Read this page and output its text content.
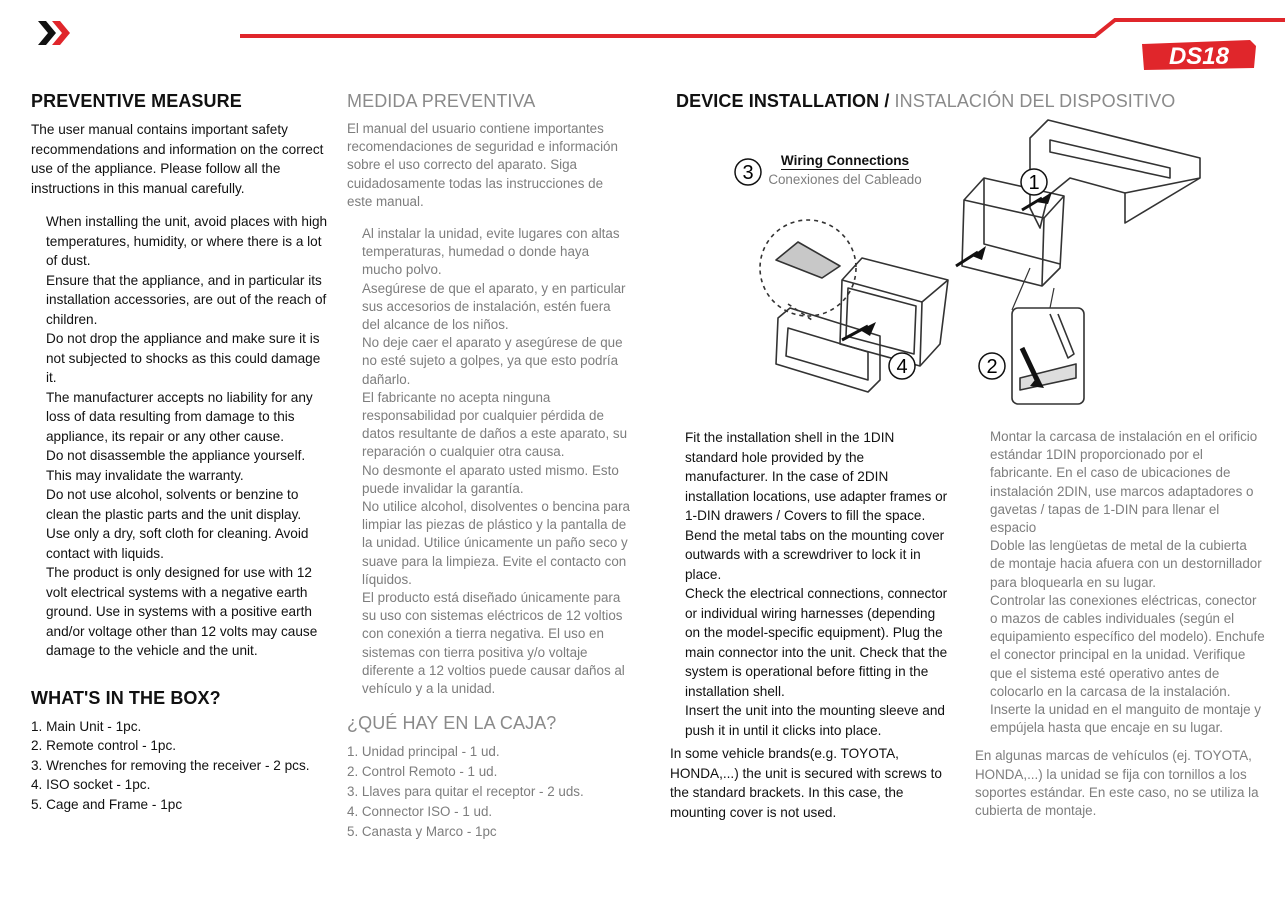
DS18
PREVENTIVE MEASURE

The user manual contains important safety recommendations and information on the correct use of the appliance. Please follow all the instructions in this manual carefully.

When installing the unit, avoid places with high temperatures, humidity, or where there is a lot of dust.
Ensure that the appliance, and in particular its installation accessories, are out of the reach of children.
Do not drop the appliance and make sure it is not subjected to shocks as this could damage it.
The manufacturer accepts no liability for any loss of data resulting from damage to this appliance, its repair or any other cause.
Do not disassemble the appliance yourself. This may invalidate the warranty.
Do not use alcohol, solvents or benzine to clean the plastic parts and the unit display.
Use only a dry, soft cloth for cleaning. Avoid contact with liquids.
The product is only designed for use with 12 volt electrical systems with a negative earth ground. Use in systems with a positive earth and/or voltage other than 12 volts may cause damage to the vehicle and the unit.
WHAT'S IN THE BOX?
1. Main Unit - 1pc.
2. Remote control - 1pc.
3. Wrenches for removing the receiver - 2 pcs.
4. ISO socket - 1pc.
5. Cage and Frame - 1pc
MEDIDA PREVENTIVA

El manual del usuario contiene importantes recomendaciones de seguridad e información sobre el uso correcto del aparato. Siga cuidadosamente todas las instrucciones de este manual.

Al instalar la unidad, evite lugares con altas temperaturas, humedad o donde haya mucho polvo.
Asegúrese de que el aparato, y en particular sus accesorios de instalación, estén fuera del alcance de los niños.
No deje caer el aparato y asegúrese de que no esté sujeto a golpes, ya que esto podría dañarlo.
El fabricante no acepta ninguna responsabilidad por cualquier pérdida de datos resultante de daños a este aparato, su reparación o cualquier otra causa.
No desmonte el aparato usted mismo. Esto puede invalidar la garantía.
No utilice alcohol, disolventes o bencina para limpiar las piezas de plástico y la pantalla de la unidad. Utilice únicamente un paño seco y suave para la limpieza. Evite el contacto con líquidos.
El producto está diseñado únicamente para su uso con sistemas eléctricos de 12 voltios con conexión a tierra negativa. El uso en sistemas con tierra positiva y/o voltaje diferente a 12 voltios puede causar daños al vehículo y a la unidad.
¿QUÉ HAY EN LA CAJA?
1. Unidad principal - 1 ud.
2. Control Remoto - 1 ud.
3. Llaves para quitar el receptor - 2 uds.
4. Connector ISO - 1 ud.
5. Canasta y Marco - 1pc
DEVICE INSTALLATION / INSTALACIÓN DEL DISPOSITIVO
Wiring Connections
Conexiones del Cableado	1
2
3
4
Fit the installation shell in the 1DIN standard hole provided by the manufacturer. In the case of 2DIN installation locations, use adapter frames or 1-DIN drawers / Covers to fill the space.
Bend the metal tabs on the mounting cover outwards with a screwdriver to lock it in place.
Check the electrical connections, connector or individual wiring harnesses (depending on the model-specific equipment). Plug the main connector into the unit. Check that the system is operational before fitting in the installation shell.
Insert the unit into the mounting sleeve and push it in until it clicks into place.

In some vehicle brands(e.g. TOYOTA, HONDA,...) the unit is secured with screws to the standard brackets. In this case, the mounting cover is not used.

Montar la carcasa de instalación en el orificio estándar 1DIN proporcionado por el fabricante. En el caso de ubicaciones de instalación 2DIN, use marcos adaptadores o gavetas / tapas de 1-DIN para llenar el espacio
Doble las lengüetas de metal de la cubierta de montaje hacia afuera con un destornillador para bloquearla en su lugar.
Controlar las conexiones eléctricas, conector o mazos de cables individuales (según el equipamiento específico del modelo). Enchufe el conector principal en la unidad. Verifique que el sistema esté operativo antes de colocarlo en la carcasa de la instalación.
Inserte la unidad en el manguito de montaje y empújela hasta que encaje en su lugar.

En algunas marcas de vehículos (ej. TOYOTA, HONDA,...) la unidad se fija con tornillos a los soportes estándar. En este caso, no se utiliza la cubierta de montaje.
